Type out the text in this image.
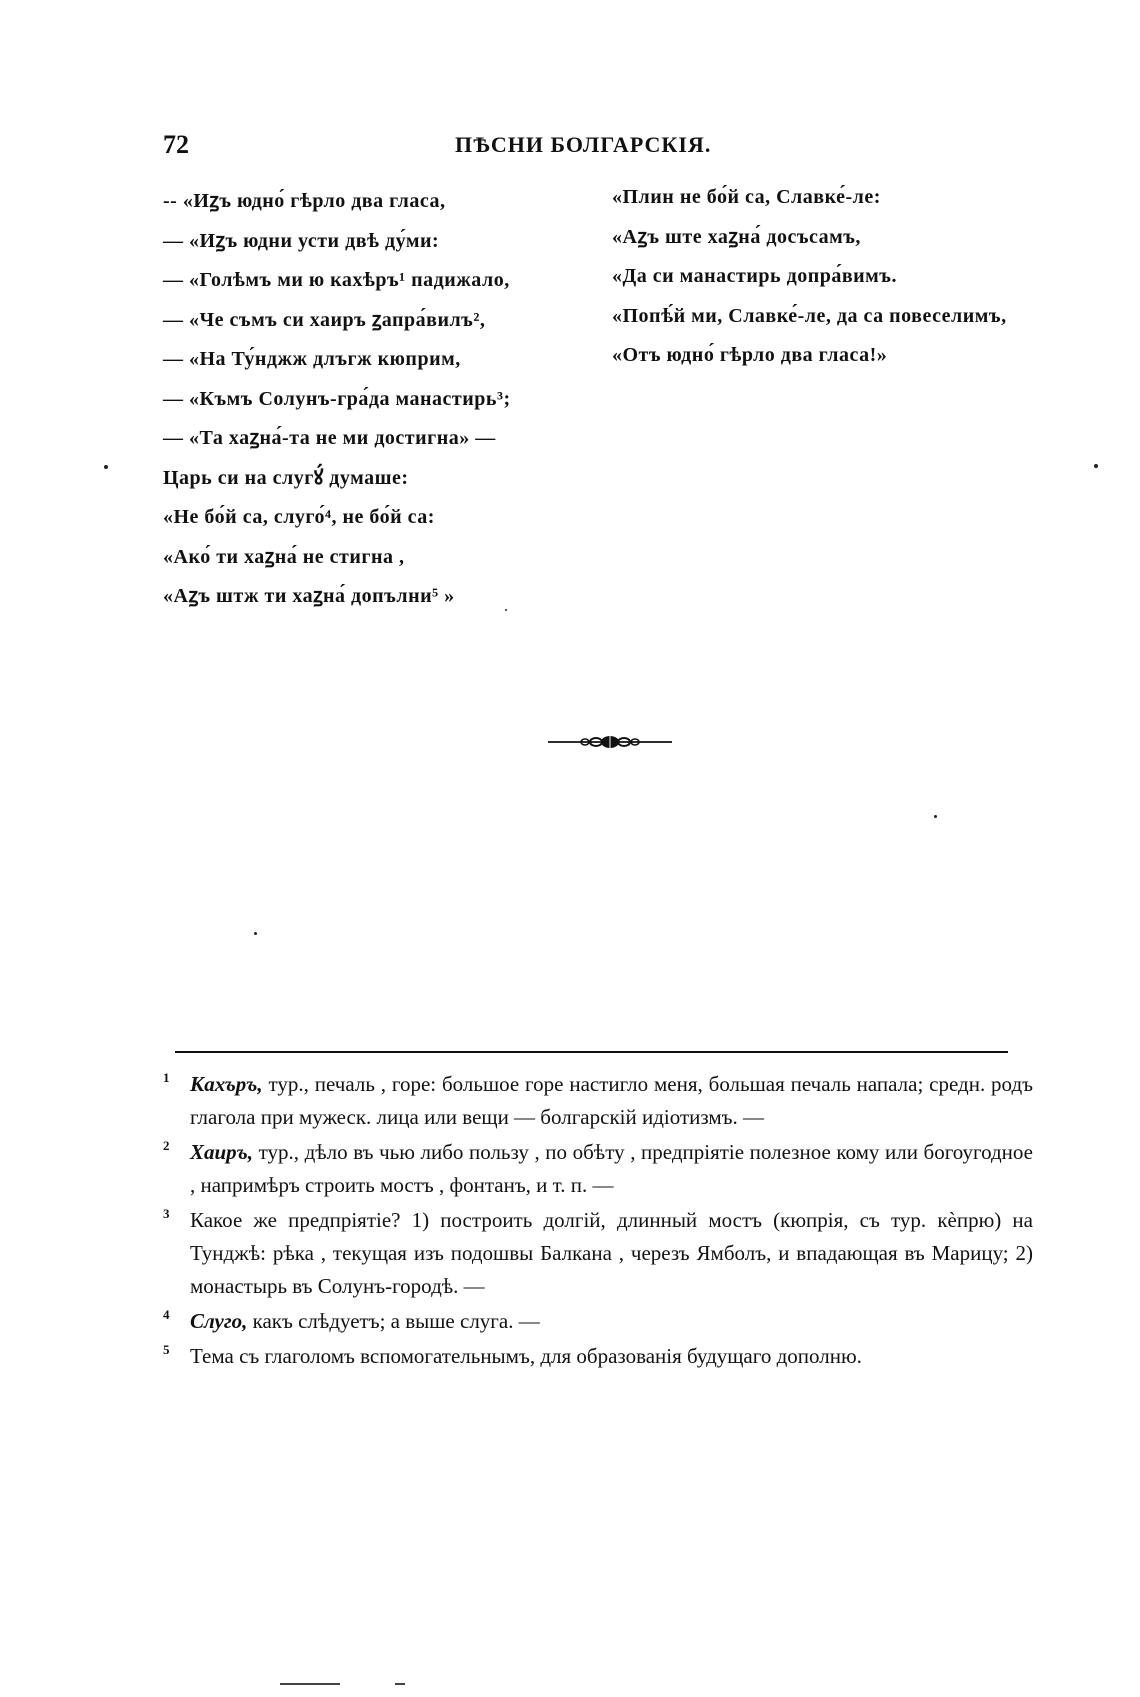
72	ПѢСНИ БОЛГАРСКІЯ.
-- «Иꙁъ юдно́ гѣрло два гласа,
— «Иꙁъ юдни усти двѣ ду́ми:
— «Голѣмъ ми ю кахѣръ¹ падижало,
— «Че съмъ си хаиръ ꙁапра́вилъ²,
— «На Ту́нджж длъгж кюприм,
— «Къмъ Солунъ-гра́да манастирь³;
— «Та хаꙁна́-та не ми достигна» —
Царь си на слугꙋ́ думаше:
«Не бо́й са, слуго́⁴, не бо́й са:
«Ако́ ти хаꙁна́ не стигна ,
«Аꙁъ штж ти хаꙁна́ допълни⁵ »
«Плин не бо́й са, Славке́-ле:
«Аꙁъ ште хаꙁна́ досъсамъ,
«Да си манастирь допра́вимъ.
«Попѣ́й ми, Славке́-ле, да са повеселимъ,
«Отъ юдно́ гѣрло два гласа!»
1 Кахъръ, тур., печаль , горе: большое горе настигло меня, большая печаль напала; средн. родъ глагола при мужеск. лица или вещи — болгарскій идіотизмъ. —
2 Хаиръ, тур., дѣло въ чью либо пользу , по обѣту , предпріятіе полезное кому или богоугодное , напримѣръ строить мостъ , фонтанъ, и т. п. —
3 Какое же предпріятіе? 1) построить долгій, длинный мостъ (кюпрія, съ тур. кѐпрю) на Тунджѣ: рѣка , текущая изъ подошвы Балкана , черезъ Ямболъ, и впадающая въ Марицу; 2) монастырь въ Солунъ-городѣ. —
4 Слуго, какъ слѣдуетъ; а выше слуга. —
5 Тема съ глаголомъ вспомогательнымъ, для образованія будущаго дополню.
